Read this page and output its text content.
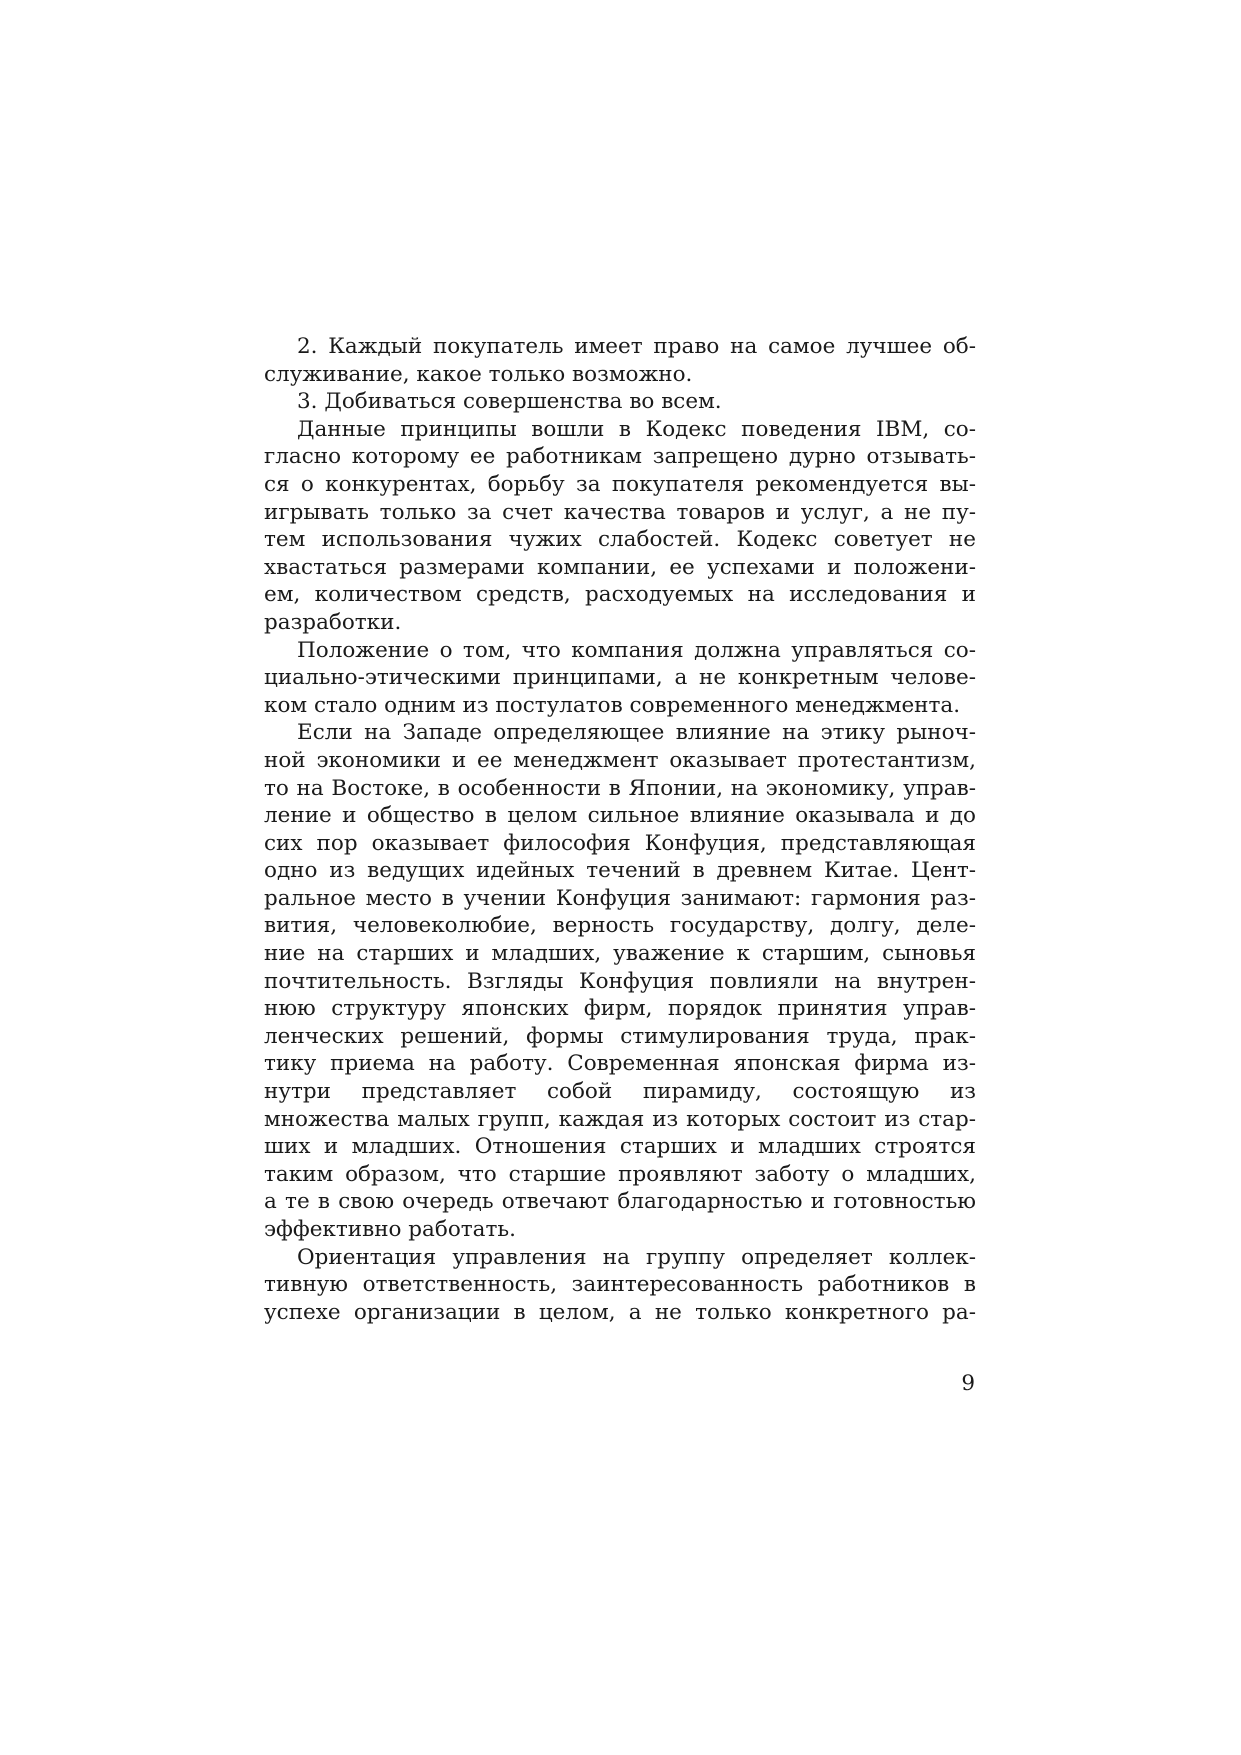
2. Каждый покупатель имеет право на самое лучшее об-
служивание, какое только возможно.
3. Добиваться совершенства во всем.
Данные принципы вошли в Кодекс поведения IBM, со-
гласно которому ее работникам запрещено дурно отзывать-
ся о конкурентах, борьбу за покупателя рекомендуется вы-
игрывать только за счет качества товаров и услуг, а не пу-
тем использования чужих слабостей. Кодекс советует не
хвастаться размерами компании, ее успехами и положени-
ем, количеством средств, расходуемых на исследования и
разработки.
Положение о том, что компания должна управляться со-
циально-этическими принципами, а не конкретным челове-
ком стало одним из постулатов современного менеджмента.
Если на Западе определяющее влияние на этику рыноч-
ной экономики и ее менеджмент оказывает протестантизм,
то на Востоке, в особенности в Японии, на экономику, управ-
ление и общество в целом сильное влияние оказывала и до
сих пор оказывает философия Конфуция, представляющая
одно из ведущих идейных течений в древнем Китае. Цент-
ральное место в учении Конфуция занимают: гармония раз-
вития, человеколюбие, верность государству, долгу, деле-
ние на старших и младших, уважение к старшим, сыновья
почтительность. Взгляды Конфуция повлияли на внутрен-
нюю структуру японских фирм, порядок принятия управ-
ленческих решений, формы стимулирования труда, прак-
тику приема на работу. Современная японская фирма из-
нутри представляет собой пирамиду, состоящую из
множества малых групп, каждая из которых состоит из стар-
ших и младших. Отношения старших и младших строятся
таким образом, что старшие проявляют заботу о младших,
а те в свою очередь отвечают благодарностью и готовностью
эффективно работать.
Ориентация управления на группу определяет коллек-
тивную ответственность, заинтересованность работников в
успехе организации в целом, а не только конкретного ра-
9
